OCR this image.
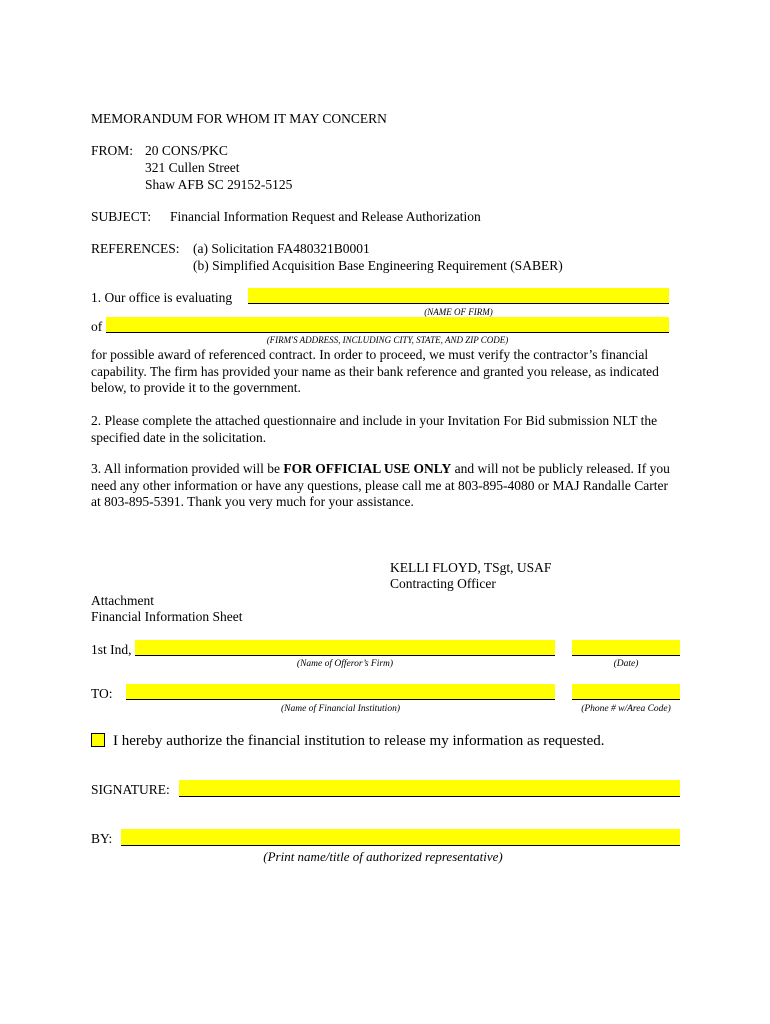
MEMORANDUM FOR WHOM IT MAY CONCERN
FROM: 20 CONS/PKC
321 Cullen Street
Shaw AFB SC 29152-5125
SUBJECT: Financial Information Request and Release Authorization
REFERENCES: (a) Solicitation FA480321B0001
(b) Simplified Acquisition Base Engineering Requirement (SABER)
1. Our office is evaluating
(NAME OF FIRM)
of
(FIRM'S ADDRESS, INCLUDING CITY, STATE, AND ZIP CODE)
for possible award of referenced contract. In order to proceed, we must verify the contractor’s financial capability. The firm has provided your name as their bank reference and granted you release, as indicated below, to provide it to the government.
2. Please complete the attached questionnaire and include in your Invitation For Bid submission NLT the specified date in the solicitation.
3. All information provided will be FOR OFFICIAL USE ONLY and will not be publicly released. If you need any other information or have any questions, please call me at 803-895-4080 or MAJ Randalle Carter at 803-895-5391. Thank you very much for your assistance.
KELLI FLOYD, TSgt, USAF
Contracting Officer
Attachment
Financial Information Sheet
1st Ind,
(Name of Offeror’s Firm)	(Date)
TO:
(Name of Financial Institution)	(Phone # w/Area Code)
I hereby authorize the financial institution to release my information as requested.
SIGNATURE:
BY:
(Print name/title of authorized representative)
